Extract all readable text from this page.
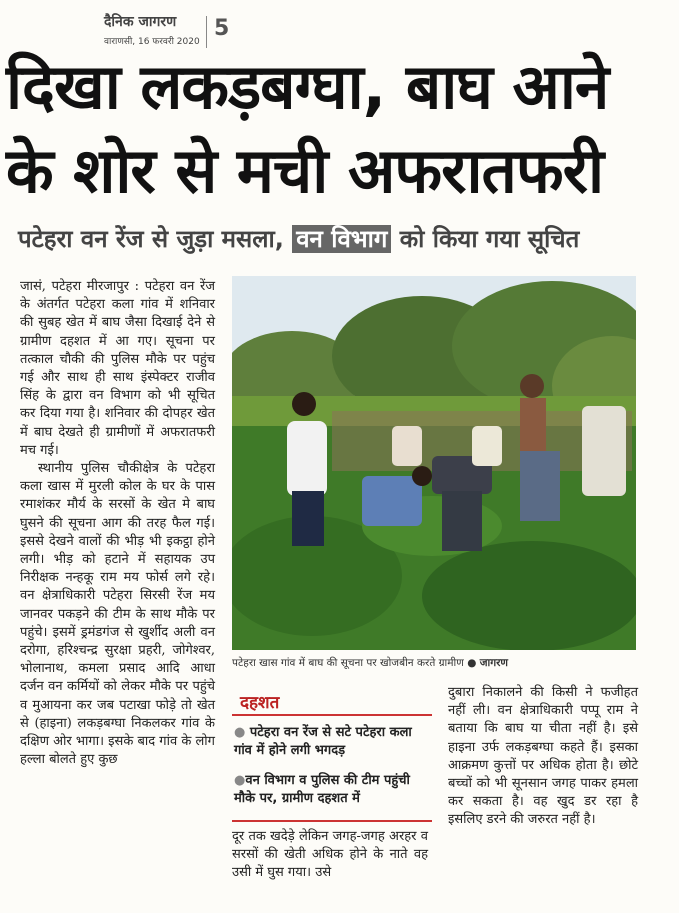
दैनिक जागरण
वाराणसी, 16 फरवरी 2020
5
दिखा लकड़बग्घा, बाघ आने
के शोर से मची अफरातफरी
पटेहरा वन रेंज से जुड़ा मसला, वन विभाग को किया गया सूचित

जासं, पटेहरा मीरजापुर : पटेहरा वन रेंज के अंतर्गत पटेहरा कला गांव में शनिवार की सुबह खेत में बाघ जैसा दिखाई देने से ग्रामीण दहशत में आ गए। सूचना पर तत्काल चौकी की पुलिस मौके पर पहुंच गई और साथ ही साथ इंस्पेक्टर राजीव सिंह के द्वारा वन विभाग को भी सूचित कर दिया गया है। शनिवार की दोपहर खेत में बाघ देखते ही ग्रामीणों में अफरातफरी मच गई।

स्थानीय पुलिस चौकीक्षेत्र के पटेहरा कला खास में मुरली कोल के घर के पास रमाशंकर मौर्य के सरसों के खेत मे बाघ घुसने की सूचना आग की तरह फैल गई। इससे देखने वालों की भीड़ भी इकट्ठा होने लगी। भीड़ को हटाने में सहायक उप निरीक्षक नन्हकू राम मय फोर्स लगे रहे। वन क्षेत्राधिकारी पटेहरा सिरसी रेंज मय जानवर पकड़ने की टीम के साथ मौके पर पहुंचे। इसमें ड्रमंडगंज से खुर्शीद अली वन दरोगा, हरिश्चन्द्र सुरक्षा प्रहरी, जोगेश्वर, भोलानाथ, कमला प्रसाद आदि आधा दर्जन वन कर्मियों को लेकर मौके पर पहुंचे व मुआयना कर जब पटाखा फोड़े तो खेत से (हाइना) लकड़बग्घा निकलकर गांव के दक्षिण ओर भागा। इसके बाद गांव के लोग हल्ला बोलते हुए कुछ

पटेहरा खास गांव में बाघ की सूचना पर खोजबीन करते ग्रामीण ● जागरण
दहशत
● पटेहरा वन रेंज से सटे पटेहरा कला गांव में होने लगी भगदड़
●वन विभाग व पुलिस की टीम पहुंची मौके पर, ग्रामीण दहशत में
दूर तक खदेड़े लेकिन जगह-जगह अरहर व सरसों की खेती अधिक होने के नाते वह उसी में घुस गया। उसे
दुबारा निकालने की किसी ने फजीहत नहीं ली। वन क्षेत्राधिकारी पप्पू राम ने बताया कि बाघ या चीता नहीं है। इसे हाइना उर्फ लकड़बग्घा कहते हैं। इसका आक्रमण कुत्तों पर अधिक होता है। छोटे बच्चों को भी सूनसान जगह पाकर हमला कर सकता है। वह खुद डर रहा है इसलिए डरने की जरुरत नहीं है।
